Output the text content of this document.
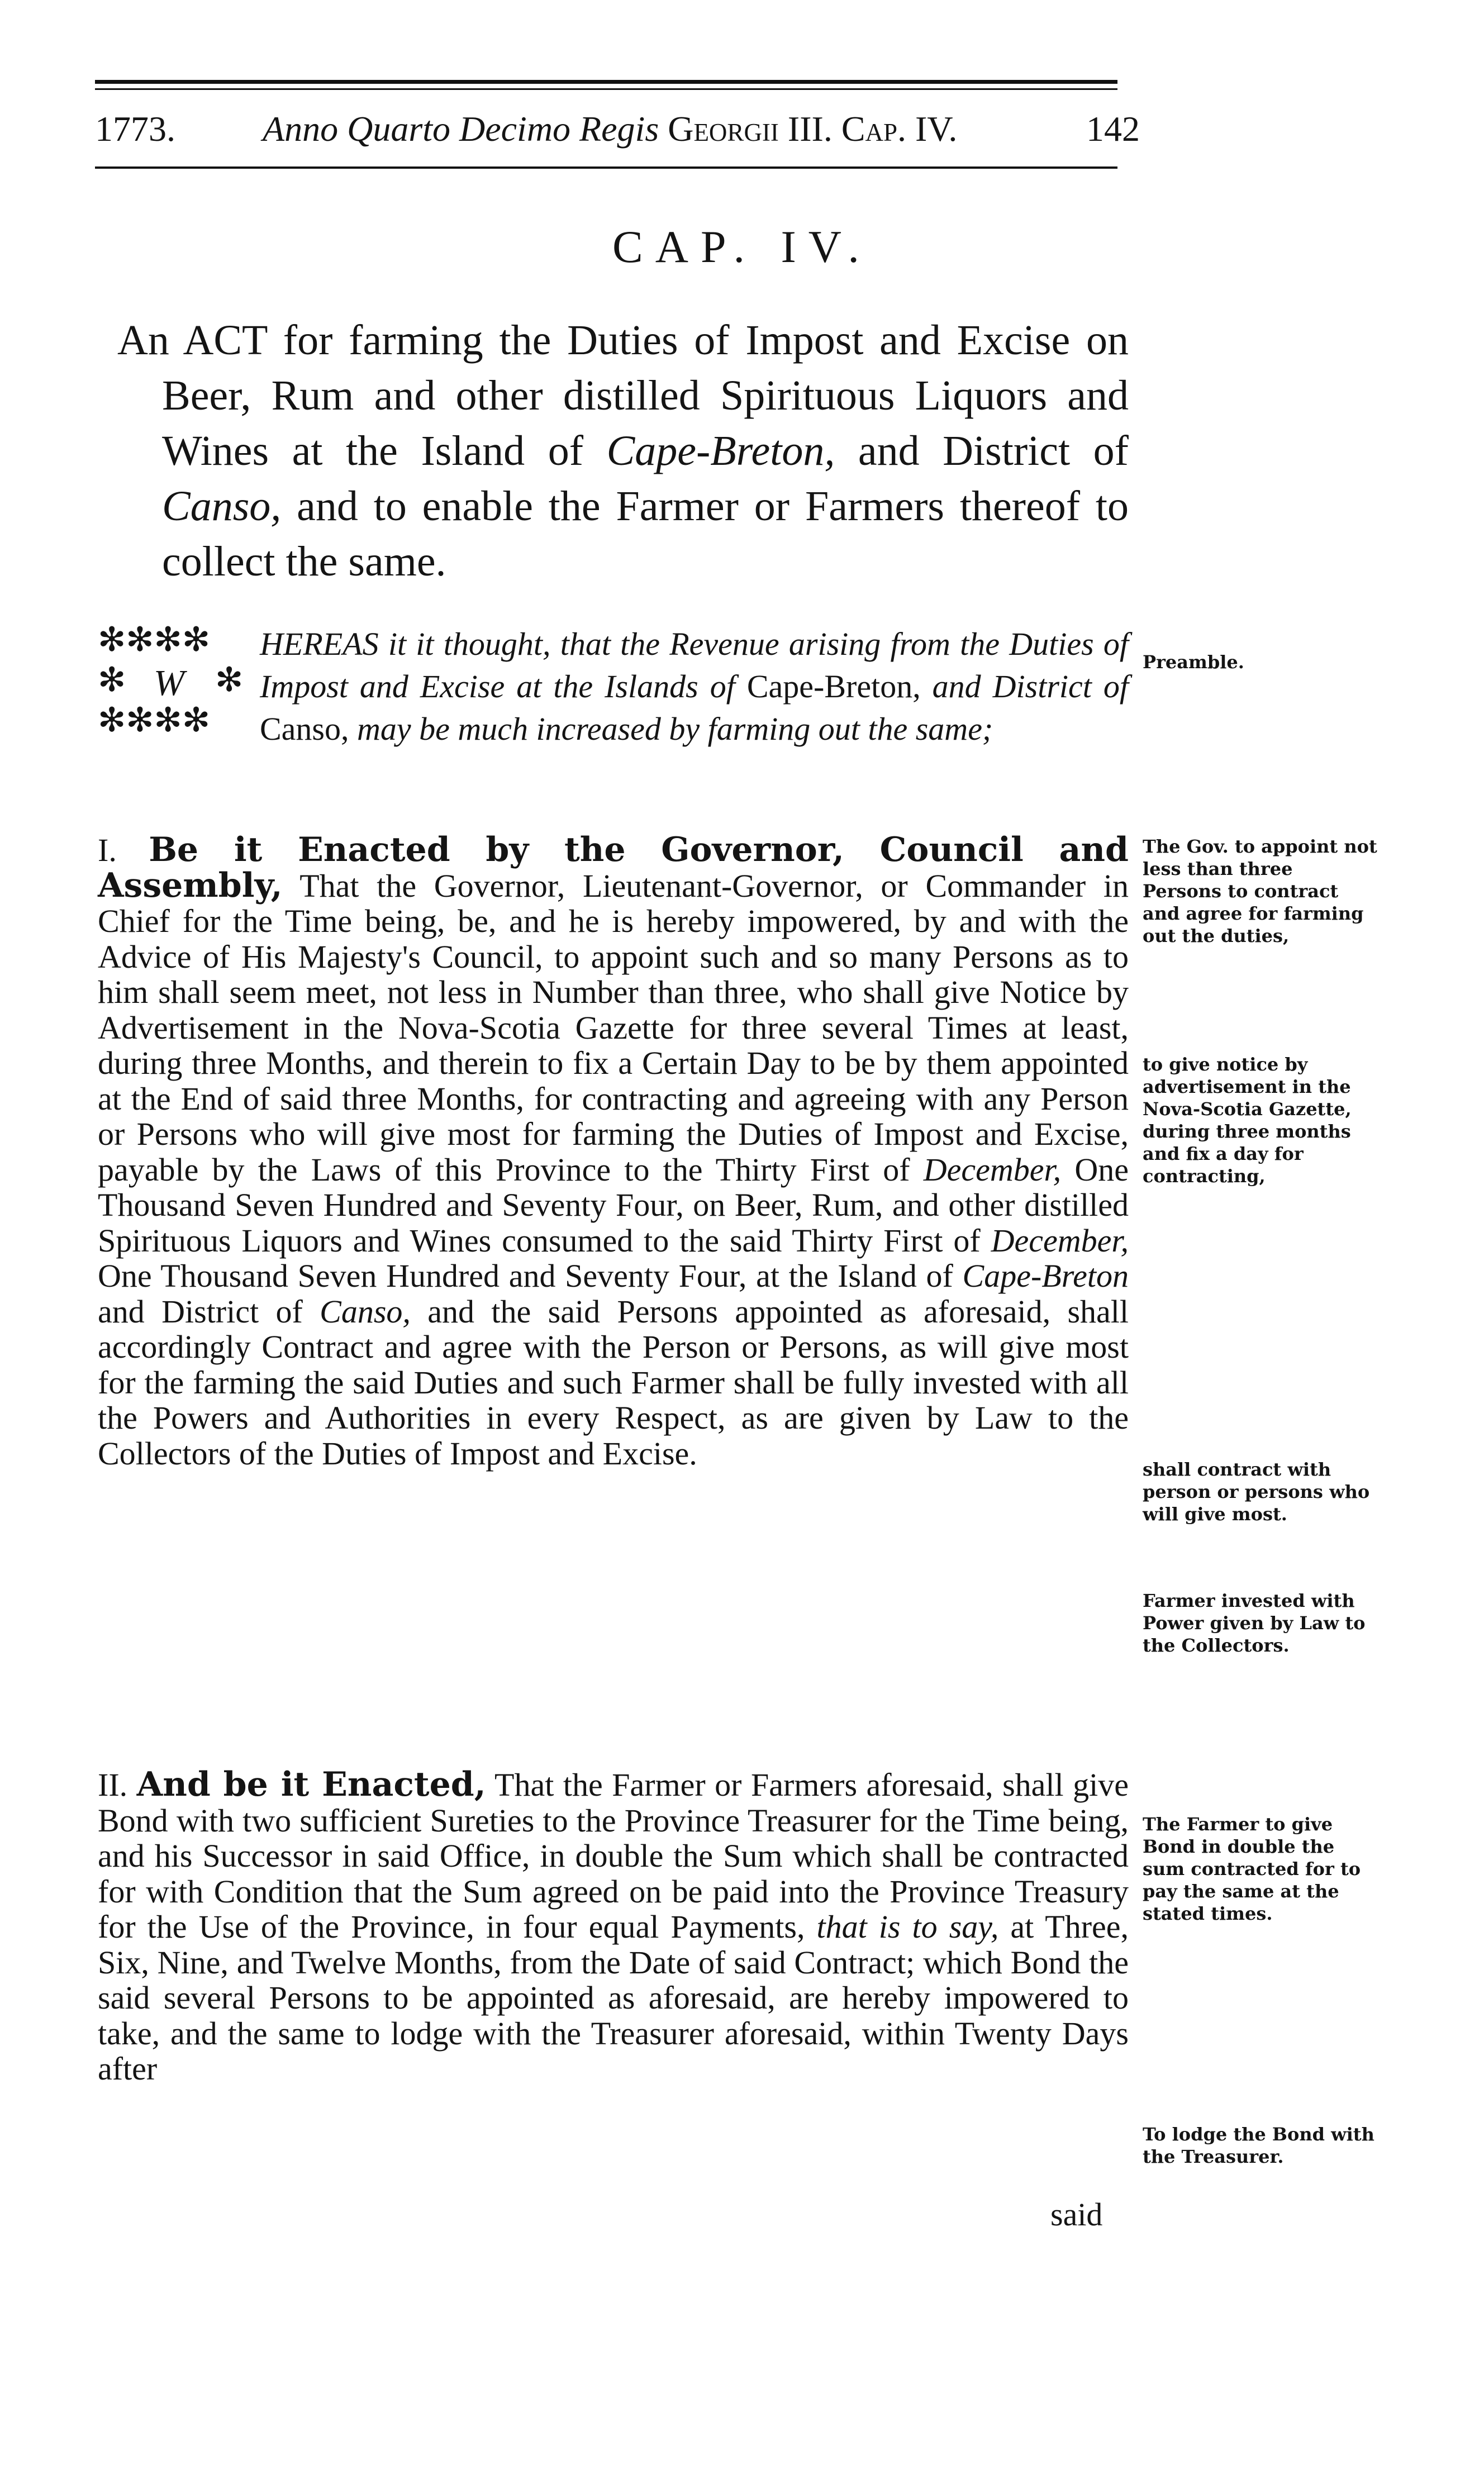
1773. Anno Quarto Decimo Regis Georgii III. Cap. IV.	142
CAP. IV.
An ACT for farming the Duties of Impost and Excise on Beer, Rum and other distilled Spirituous Liquors and Wines at the Island of Cape-Breton, and District of Canso, and to enable the Farmer or Farmers thereof to collect the same.
✻✻✻✻
✻	✻
✻✻✻✻
W
HEREAS it it thought, that the Revenue arising from the Duties of Impost and Excise at the Islands of Cape-Breton, and District of Canso, may be much increased by farming out the same;
I. Be it Enacted by the Governor, Council and Assembly, That the Governor, Lieutenant-Governor, or Commander in Chief for the Time being, be, and he is hereby impowered, by and with the Advice of His Majesty's Council, to appoint such and so many Persons as to him shall seem meet, not less in Number than three, who shall give Notice by Advertisement in the Nova-Scotia Gazette for three several Times at least, during three Months, and therein to fix a Certain Day to be by them appointed at the End of said three Months, for contracting and agreeing with any Person or Persons who will give most for farming the Duties of Impost and Excise, payable by the Laws of this Province to the Thirty First of December, One Thousand Seven Hundred and Seventy Four, on Beer, Rum, and other distilled Spirituous Liquors and Wines consumed to the said Thirty First of December, One Thousand Seven Hundred and Seventy Four, at the Island of Cape-Breton and District of Canso, and the said Persons appointed as aforesaid, shall accordingly Contract and agree with the Person or Persons, as will give most for the farming the said Duties and such Farmer shall be fully invested with all the Powers and Authorities in every Respect, as are given by Law to the Collectors of the Duties of Impost and Excise.
II. And be it Enacted, That the Farmer or Farmers aforesaid, shall give Bond with two sufficient Sureties to the Province Treasurer for the Time being, and his Successor in said Office, in double the Sum which shall be contracted for with Condition that the Sum agreed on be paid into the Province Treasury for the Use of the Province, in four equal Payments, that is to say, at Three, Six, Nine, and Twelve Months, from the Date of said Contract; which Bond the said several Persons to be appointed as aforesaid, are hereby impowered to take, and the same to lodge with the Treasurer aforesaid, within Twenty Days after
said
Preamble.
The Gov. to appoint not less than three Persons to contract and agree for farming out the duties,
to give notice by advertisement in the Nova-Scotia Gazette, during three months and fix a day for contracting,
shall contract with person or persons who will give most.
Farmer invested with Power given by Law to the Collectors.
The Farmer to give Bond in double the sum contracted for to pay the same at the stated times.
To lodge the Bond with the Treasurer.
